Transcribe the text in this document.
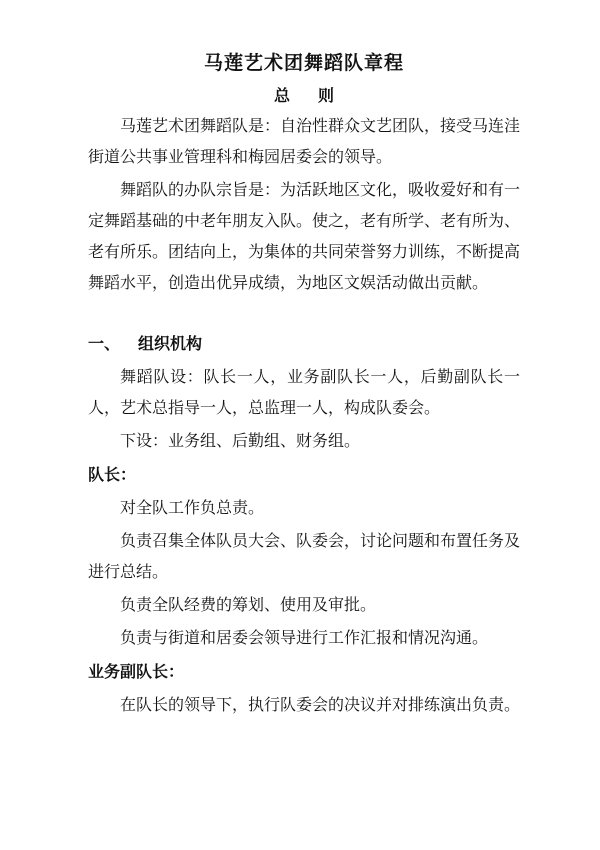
马莲艺术团舞蹈队章程
总则

马莲艺术团舞蹈队是：自治性群众文艺团队，接受马连洼街道公共事业管理科和梅园居委会的领导。

舞蹈队的办队宗旨是：为活跃地区文化，吸收爱好和有一定舞蹈基础的中老年朋友入队。使之，老有所学、老有所为、老有所乐。团结向上，为集体的共同荣誉努力训练，不断提高舞蹈水平，创造出优异成绩，为地区文娱活动做出贡献。

一、 组织机构

舞蹈队设：队长一人，业务副队长一人，后勤副队长一人，艺术总指导一人，总监理一人，构成队委会。

下设：业务组、后勤组、财务组。

队长：

对全队工作负总责。

负责召集全体队员大会、队委会，讨论问题和布置任务及进行总结。

负责全队经费的筹划、使用及审批。

负责与街道和居委会领导进行工作汇报和情况沟通。

业务副队长：

在队长的领导下，执行队委会的决议并对排练演出负责。
